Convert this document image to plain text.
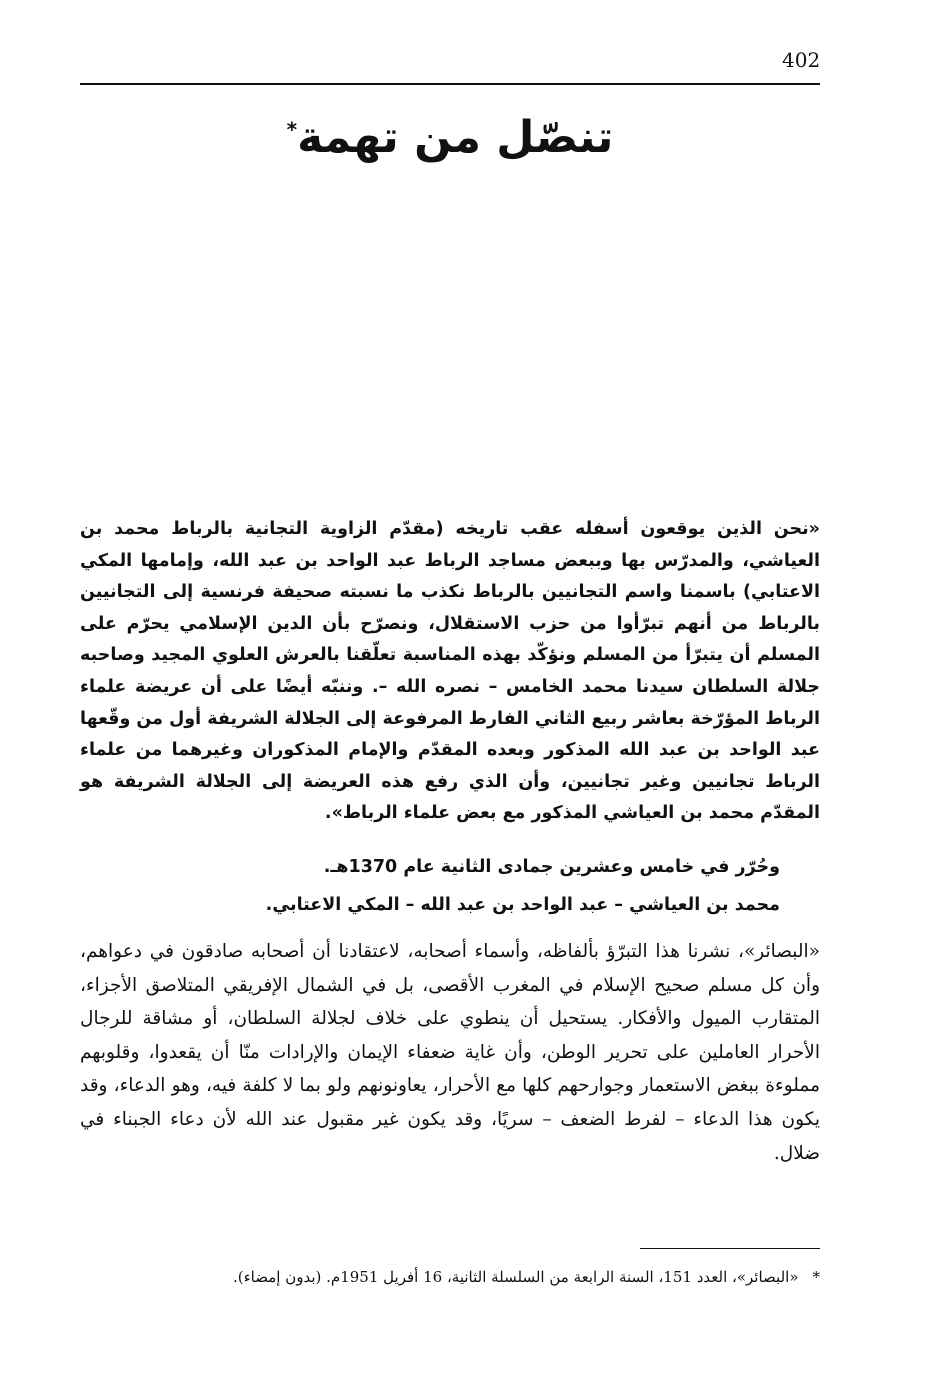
402
تنصّل من تهمة*
«نحن الذين يوقعون أسفله عقب تاريخه (مقدّم الزاوية التجانية بالرباط محمد بن العياشي، والمدرّس بها وببعض مساجد الرباط عبد الواحد بن عبد الله، وإمامها المكي الاعتابي) باسمنا واسم التجانيين بالرباط نكذب ما نسبته صحيفة فرنسية إلى التجانيين بالرباط من أنهم تبرّأوا من حزب الاستقلال، ونصرّح بأن الدين الإسلامي يحرّم على المسلم أن يتبرّأ من المسلم ونؤكّد بهذه المناسبة تعلّقنا بالعرش العلوي المجيد وصاحبه جلالة السلطان سيدنا محمد الخامس – نصره الله –. وننبّه أيضًا على أن عريضة علماء الرباط المؤرّخة بعاشر ربيع الثاني الفارط المرفوعة إلى الجلالة الشريفة أول من وقّعها عبد الواحد بن عبد الله المذكور وبعده المقدّم والإمام المذكوران وغيرهما من علماء الرباط تجانيين وغير تجانيين، وأن الذي رفع هذه العريضة إلى الجلالة الشريفة هو المقدّم محمد بن العياشي المذكور مع بعض علماء الرباط».
وحُرّر في خامس وعشرين جمادى الثانية عام 1370هـ.
محمد بن العياشي – عبد الواحد بن عبد الله – المكي الاعتابي.
«البصائر»، نشرنا هذا التبرّؤ بألفاظه، وأسماء أصحابه، لاعتقادنا أن أصحابه صادقون في دعواهم، وأن كل مسلم صحيح الإسلام في المغرب الأقصى، بل في الشمال الإفريقي المتلاصق الأجزاء، المتقارب الميول والأفكار. يستحيل أن ينطوي على خلاف لجلالة السلطان، أو مشاقة للرجال الأحرار العاملين على تحرير الوطن، وأن غاية ضعفاء الإيمان والإرادات منّا أن يقعدوا، وقلوبهم مملوءة ببغض الاستعمار وجوارحهم كلها مع الأحرار، يعاونونهم ولو بما لا كلفة فيه، وهو الدعاء، وقد يكون هذا الدعاء – لفرط الضعف – سريًا، وقد يكون غير مقبول عند الله لأن دعاء الجبناء في ضلال.
*«البصائر»، العدد 151، السنة الرابعة من السلسلة الثانية، 16 أفريل 1951م. (بدون إمضاء).
